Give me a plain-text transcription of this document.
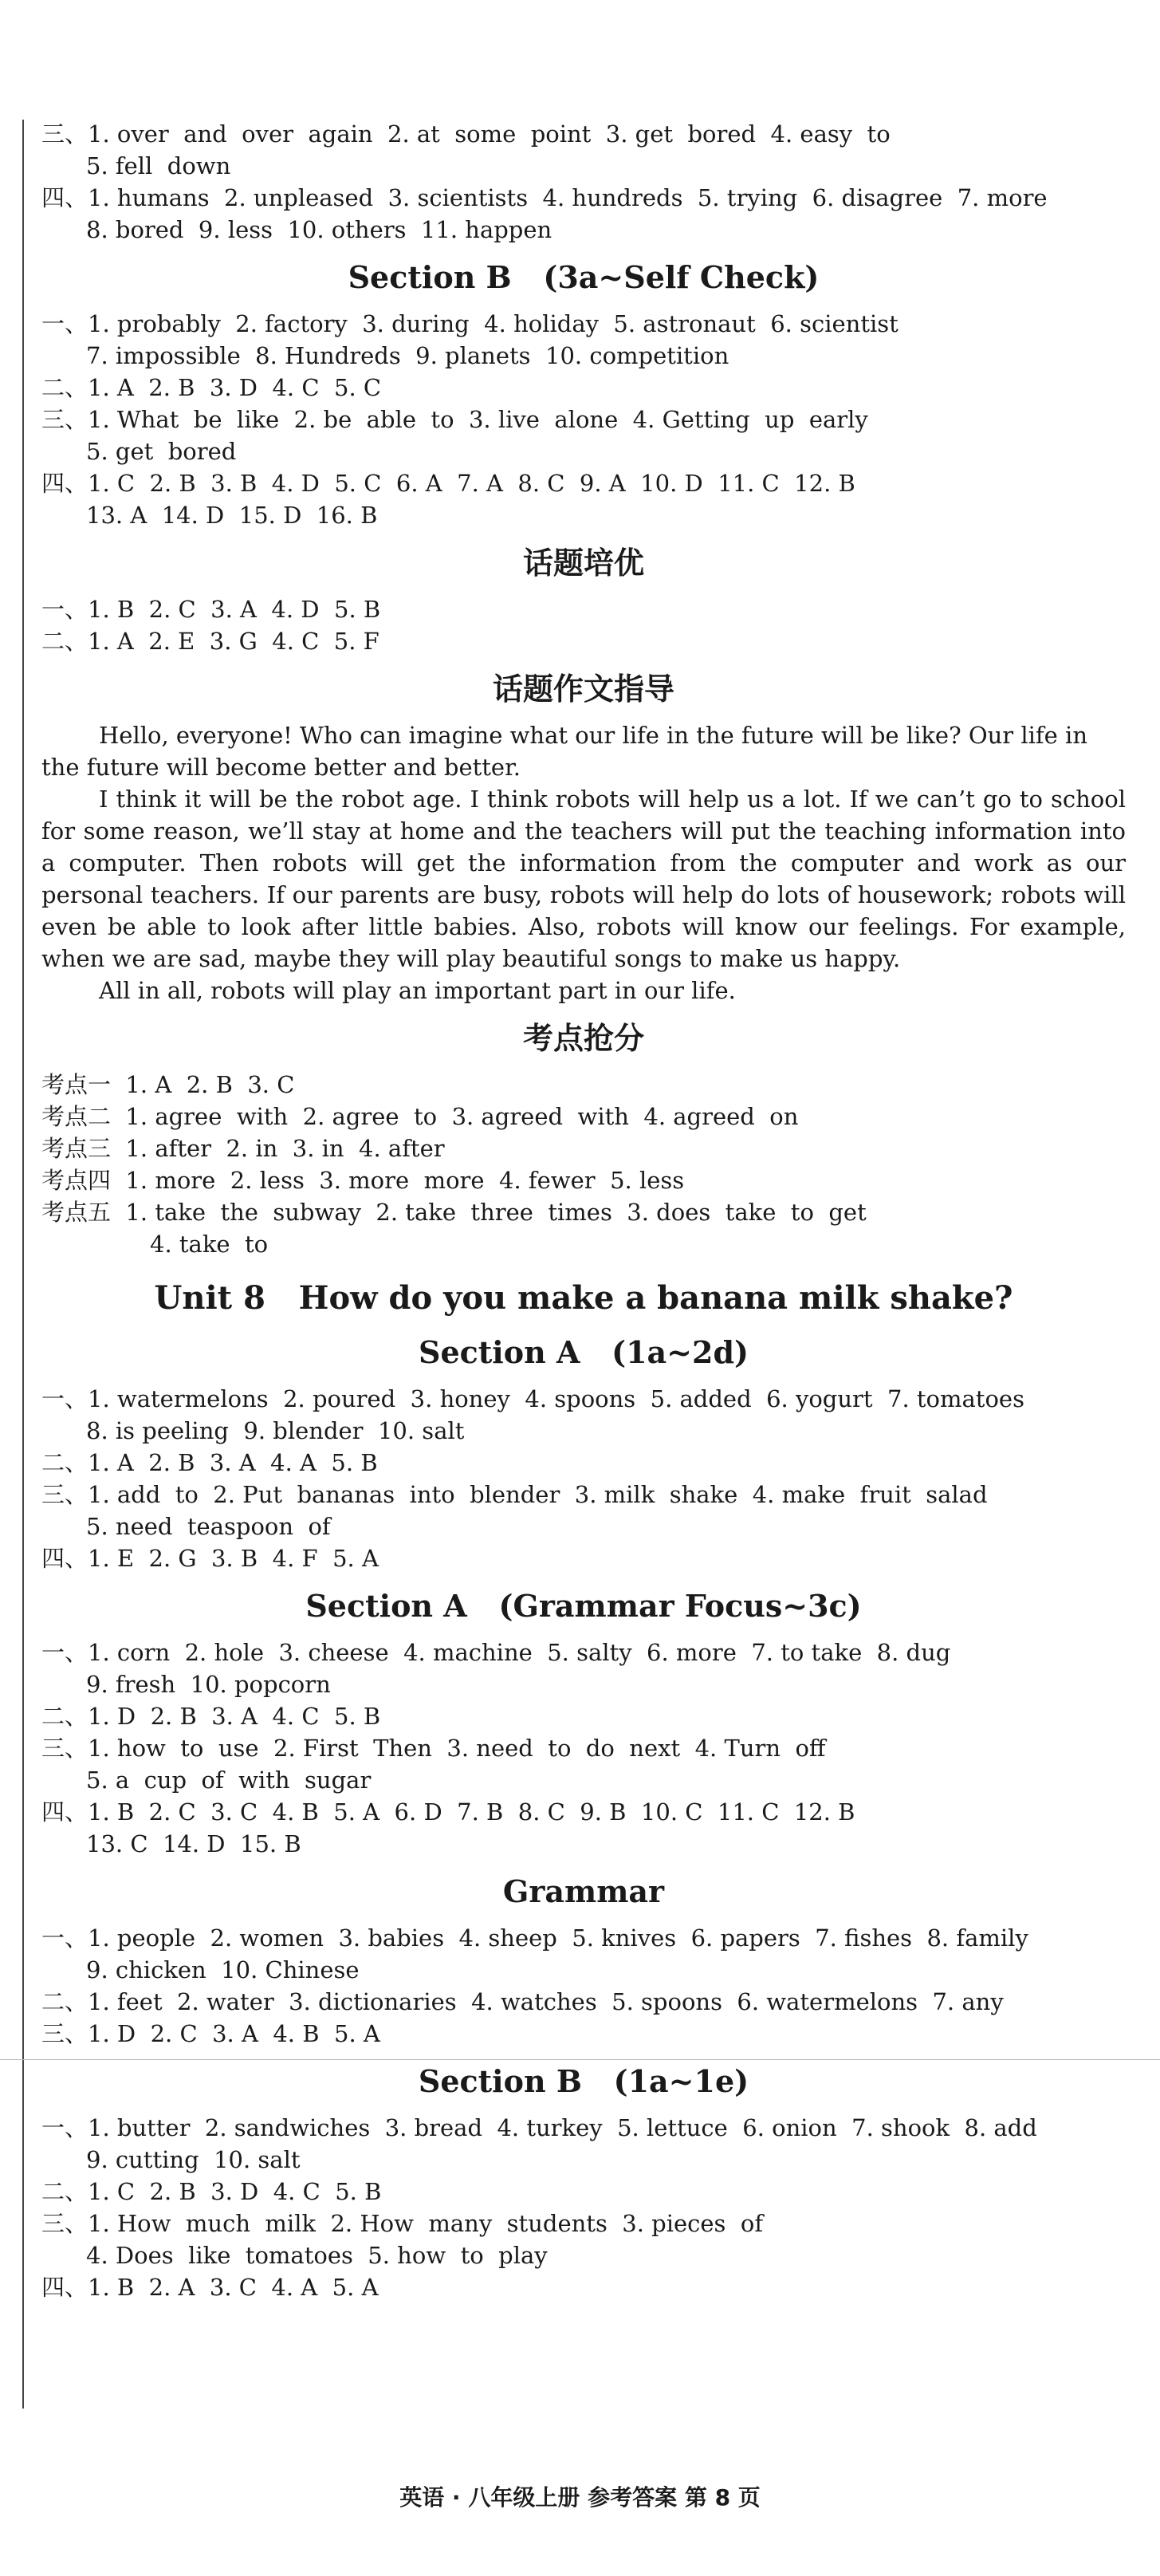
三、1. over  and  over  again  2. at  some  point  3. get  bored  4. easy  to
5. fell  down
四、1. humans  2. unpleased  3. scientists  4. hundreds  5. trying  6. disagree  7. more
8. bored  9. less  10. others  11. happen
Section B   (3a~Self Check)
一、1. probably  2. factory  3. during  4. holiday  5. astronaut  6. scientist
7. impossible  8. Hundreds  9. planets  10. competition
二、1. A  2. B  3. D  4. C  5. C
三、1. What  be  like  2. be  able  to  3. live  alone  4. Getting  up  early
5. get  bored
四、1. C  2. B  3. B  4. D  5. C  6. A  7. A  8. C  9. A  10. D  11. C  12. B
13. A  14. D  15. D  16. B
话题培优
一、1. B  2. C  3. A  4. D  5. B
二、1. A  2. E  3. G  4. C  5. F
话题作文指导

Hello, everyone! Who can imagine what our life in the future will be like? Our life in

the future will become better and better.

I think it will be the robot age. I think robots will help us a lot. If we can’t go to school for some reason, we’ll stay at home and the teachers will put the teaching information into a computer. Then robots will get the information from the computer and work as our personal teachers. If our parents are busy, robots will help do lots of housework; robots will even be able to look after little babies. Also, robots will know our feelings. For example, when we are sad, maybe they will play beautiful songs to make us happy.

All in all, robots will play an important part in our life.

考点抢分
考点一  1. A  2. B  3. C
考点二  1. agree  with  2. agree  to  3. agreed  with  4. agreed  on
考点三  1. after  2. in  3. in  4. after
考点四  1. more  2. less  3. more  more  4. fewer  5. less
考点五  1. take  the  subway  2. take  three  times  3. does  take  to  get
4. take  to
Unit 8   How do you make a banana milk shake?
Section A   (1a~2d)
一、1. watermelons  2. poured  3. honey  4. spoons  5. added  6. yogurt  7. tomatoes
8. is peeling  9. blender  10. salt
二、1. A  2. B  3. A  4. A  5. B
三、1. add  to  2. Put  bananas  into  blender  3. milk  shake  4. make  fruit  salad
5. need  teaspoon  of
四、1. E  2. G  3. B  4. F  5. A
Section A   (Grammar Focus~3c)
一、1. corn  2. hole  3. cheese  4. machine  5. salty  6. more  7. to take  8. dug
9. fresh  10. popcorn
二、1. D  2. B  3. A  4. C  5. B
三、1. how  to  use  2. First  Then  3. need  to  do  next  4. Turn  off
5. a  cup  of  with  sugar
四、1. B  2. C  3. C  4. B  5. A  6. D  7. B  8. C  9. B  10. C  11. C  12. B
13. C  14. D  15. B
Grammar
一、1. people  2. women  3. babies  4. sheep  5. knives  6. papers  7. fishes  8. family
9. chicken  10. Chinese
二、1. feet  2. water  3. dictionaries  4. watches  5. spoons  6. watermelons  7. any
三、1. D  2. C  3. A  4. B  5. A
Section B   (1a~1e)
一、1. butter  2. sandwiches  3. bread  4. turkey  5. lettuce  6. onion  7. shook  8. add
9. cutting  10. salt
二、1. C  2. B  3. D  4. C  5. B
三、1. How  much  milk  2. How  many  students  3. pieces  of
4. Does  like  tomatoes  5. how  to  play
四、1. B  2. A  3. C  4. A  5. A
英语 · 八年级上册 参考答案 第 8 页
